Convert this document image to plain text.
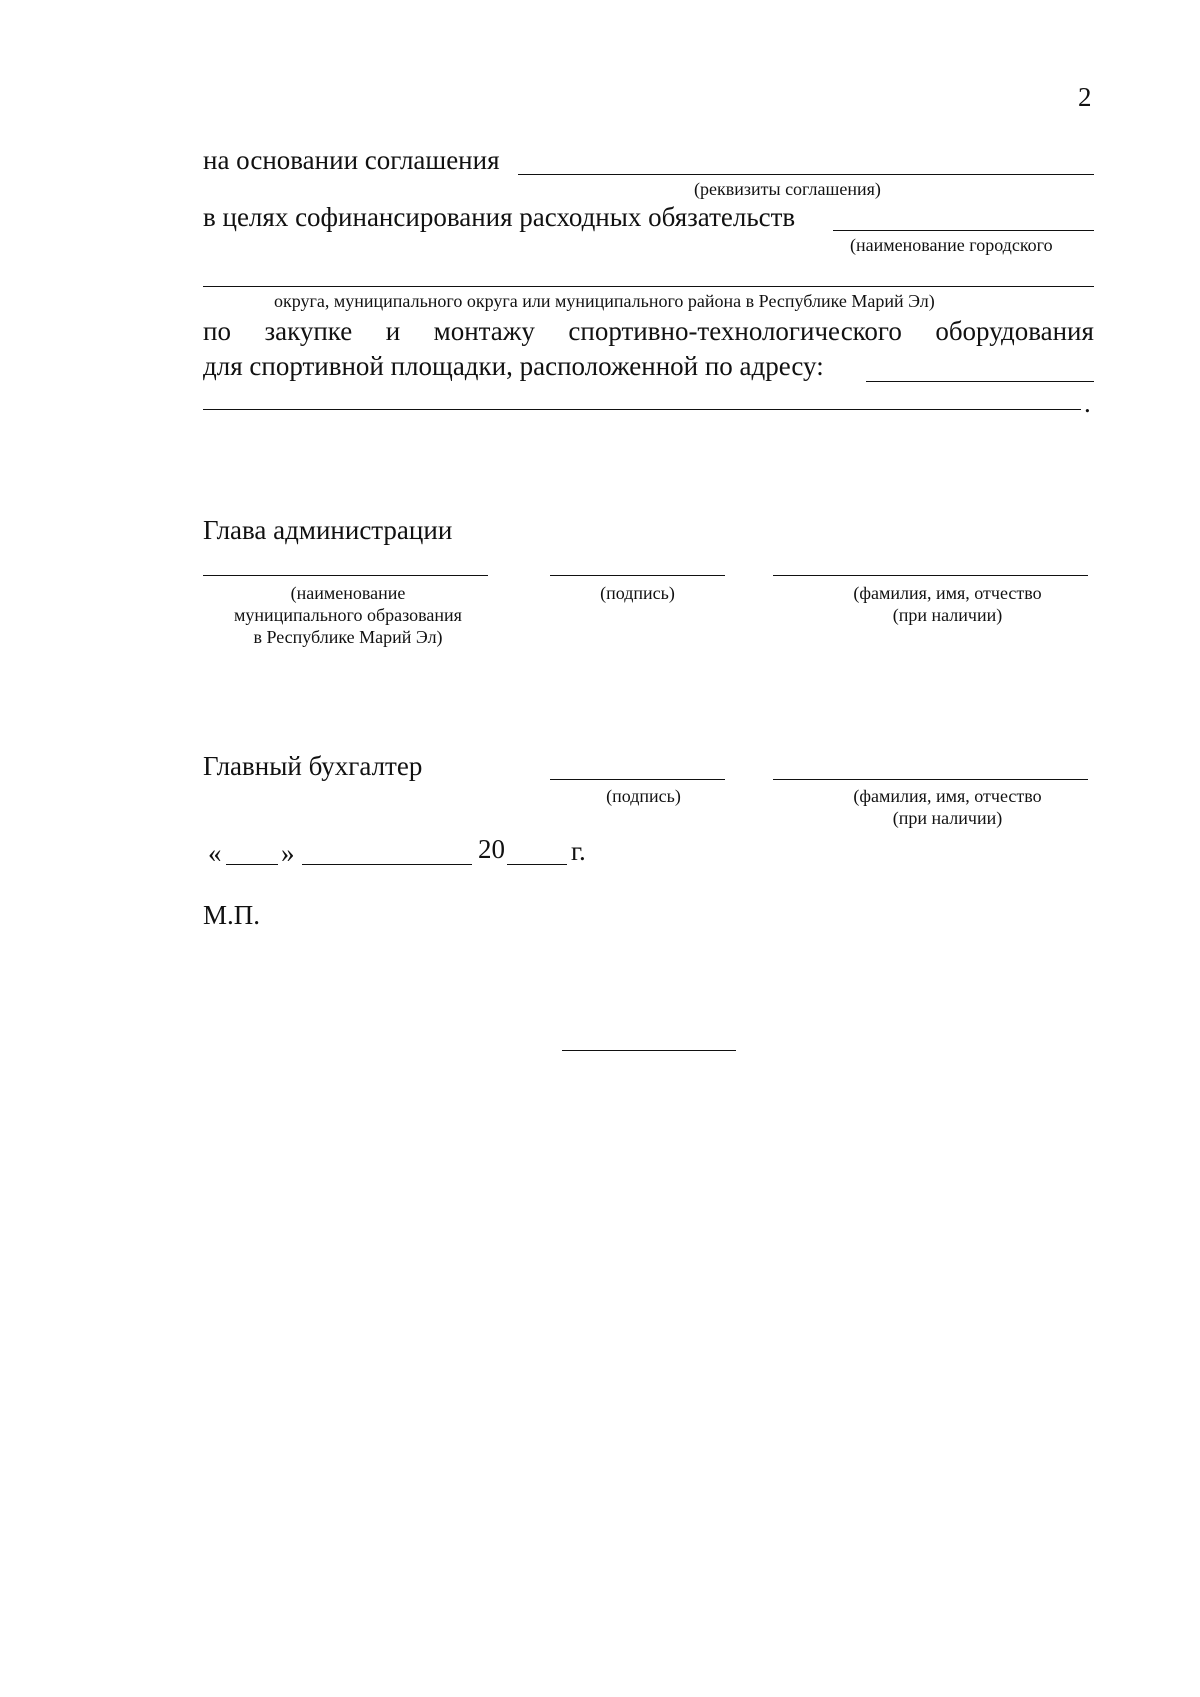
2
на основании соглашения
(реквизиты соглашения)
в целях софинансирования расходных обязательств
(наименование городского
округа, муниципального округа или муниципального района в Республике Марий Эл)
по закупке и монтажу спортивно-технологического оборудования
для спортивной площадки, расположенной по адресу:
.
Глава администрации
(наименование
муниципального образования
в Республике Марий Эл)
(подпись)	(фамилия, имя, отчество
(при наличии)
Главный бухгалтер
(подпись)	(фамилия, имя, отчество
(при наличии)
« »	20 г.
М.П.
